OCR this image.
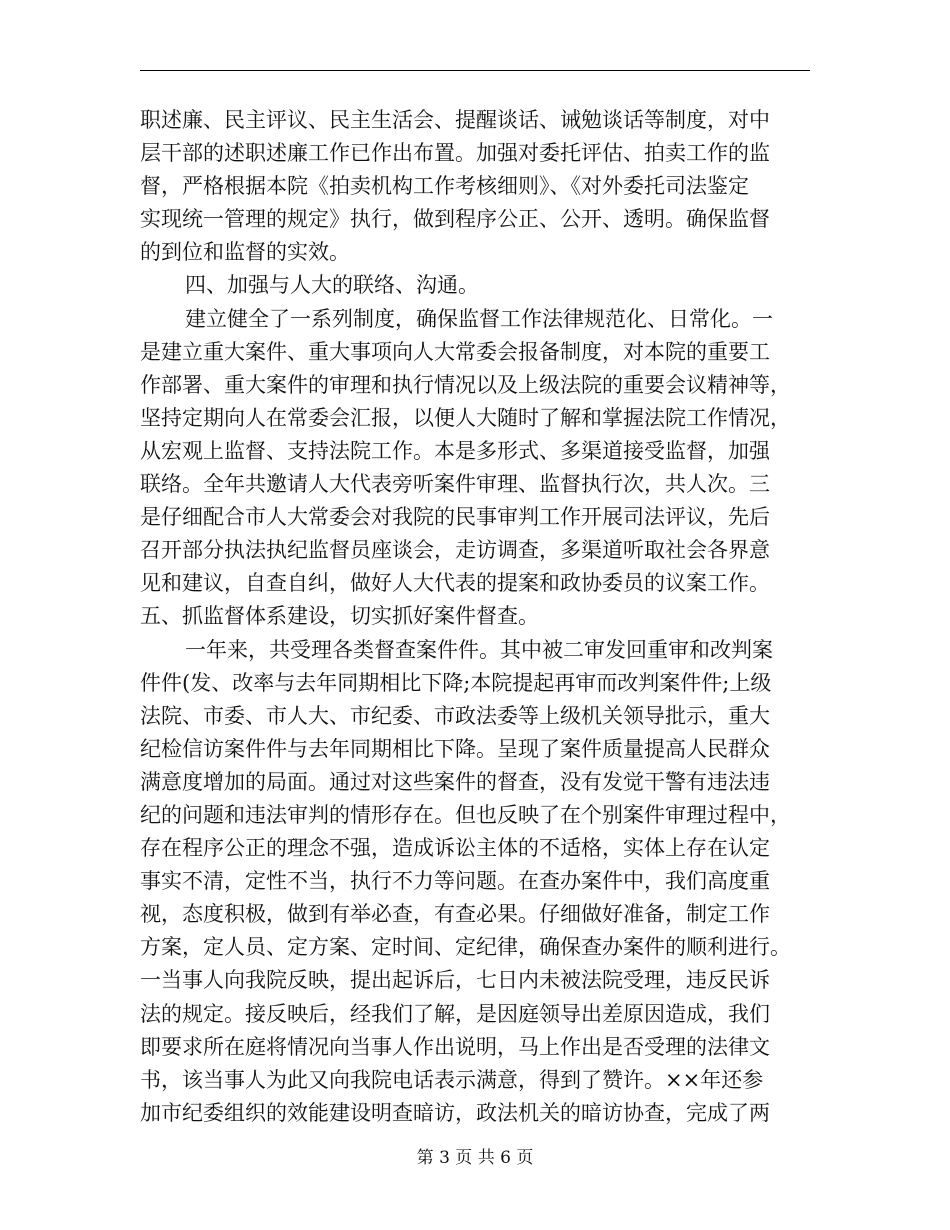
职述廉、民主评议、民主生活会、提醒谈话、诫勉谈话等制度，对中
层干部的述职述廉工作已作出布置。加强对委托评估、拍卖工作的监
督，严格根据本院《拍卖机构工作考核细则》、《对外委托司法鉴定
实现统一管理的规定》执行，做到程序公正、公开、透明。确保监督
的到位和监督的实效。
四、加强与人大的联络、沟通。
建立健全了一系列制度，确保监督工作法律规范化、日常化。一
是建立重大案件、重大事项向人大常委会报备制度，对本院的重要工
作部署、重大案件的审理和执行情况以及上级法院的重要会议精神等，
坚持定期向人在常委会汇报，以便人大随时了解和掌握法院工作情况，
从宏观上监督、支持法院工作。本是多形式、多渠道接受监督，加强
联络。全年共邀请人大代表旁听案件审理、监督执行次，共人次。三
是仔细配合市人大常委会对我院的民事审判工作开展司法评议，先后
召开部分执法执纪监督员座谈会，走访调查，多渠道听取社会各界意
见和建议，自查自纠，做好人大代表的提案和政协委员的议案工作。
五、抓监督体系建设，切实抓好案件督查。
一年来，共受理各类督查案件件。其中被二审发回重审和改判案
件件(发、改率与去年同期相比下降;本院提起再审而改判案件件;上级
法院、市委、市人大、市纪委、市政法委等上级机关领导批示，重大
纪检信访案件件与去年同期相比下降。呈现了案件质量提高人民群众
满意度增加的局面。通过对这些案件的督查，没有发觉干警有违法违
纪的问题和违法审判的情形存在。但也反映了在个别案件审理过程中，
存在程序公正的理念不强，造成诉讼主体的不适格，实体上存在认定
事实不清，定性不当，执行不力等问题。在查办案件中，我们高度重
视，态度积极，做到有举必查，有查必果。仔细做好准备，制定工作
方案，定人员、定方案、定时间、定纪律，确保查办案件的顺利进行。
一当事人向我院反映，提出起诉后，七日内未被法院受理，违反民诉
法的规定。接反映后，经我们了解，是因庭领导出差原因造成，我们
即要求所在庭将情况向当事人作出说明，马上作出是否受理的法律文
书，该当事人为此又向我院电话表示满意，得到了赞许。××年还参
加市纪委组织的效能建设明查暗访，政法机关的暗访协查，完成了两
第 3 页 共 6 页
